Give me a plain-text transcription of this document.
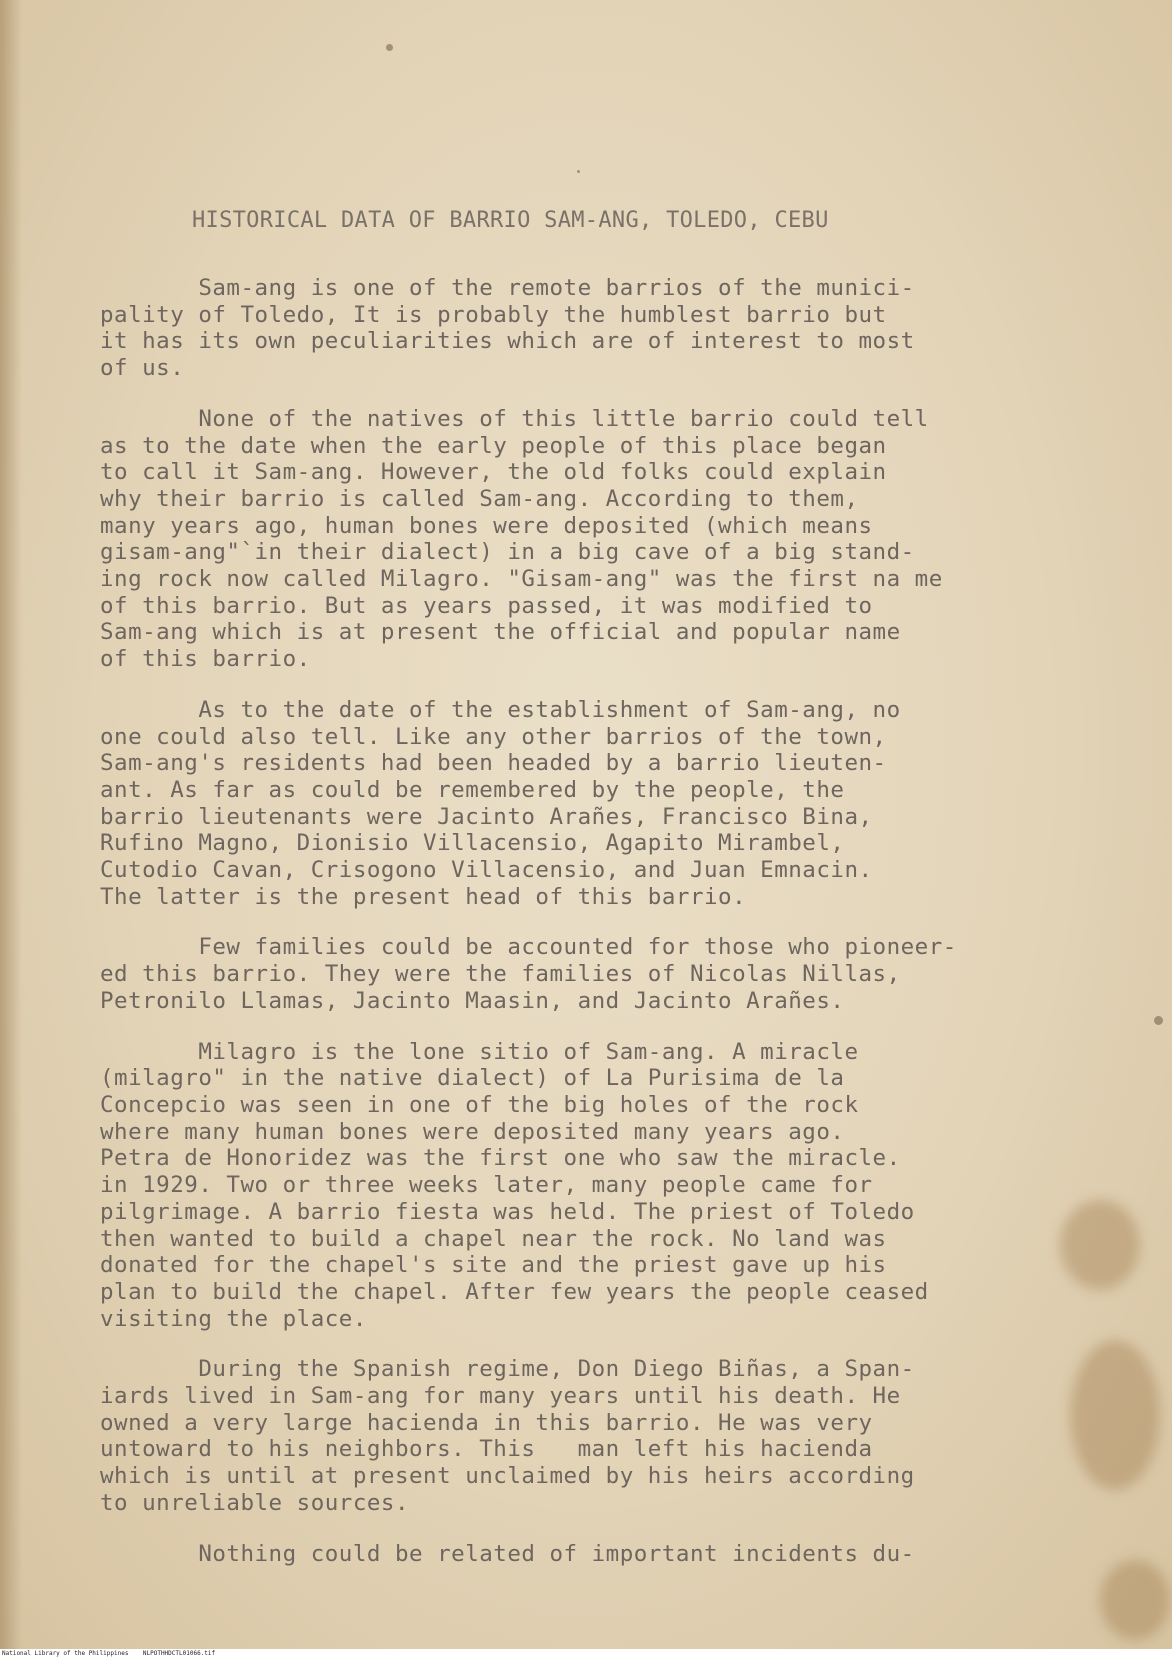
HISTORICAL DATA OF BARRIO SAM-ANG, TOLEDO, CEBU
Sam-ang is one of the remote barrios of the munici-
pality of Toledo, It is probably the humblest barrio but
it has its own peculiarities which are of interest to most
of us.
None of the natives of this little barrio could tell
as to the date when the early people of this place began
to call it Sam-ang. However, the old folks could explain
why their barrio is called Sam-ang. According to them,
many years ago, human bones were deposited (which means
gisam-ang"`in their dialect) in a big cave of a big stand-
ing rock now called Milagro. "Gisam-ang" was the first na me
of this barrio. But as years passed, it was modified to
Sam-ang which is at present the official and popular name
of this barrio.
As to the date of the establishment of Sam-ang, no
one could also tell. Like any other barrios of the town,
Sam-ang's residents had been headed by a barrio lieuten-
ant. As far as could be remembered by the people, the
barrio lieutenants were Jacinto Arañes, Francisco Bina,
Rufino Magno, Dionisio Villacensio, Agapito Mirambel,
Cutodio Cavan, Crisogono Villacensio, and Juan Emnacin.
The latter is the present head of this barrio.
Few families could be accounted for those who pioneer-
ed this barrio. They were the families of Nicolas Nillas,
Petronilo Llamas, Jacinto Maasin, and Jacinto Arañes.
Milagro is the lone sitio of Sam-ang. A miracle
(milagro" in the native dialect) of La Purisima de la
Concepcio was seen in one of the big holes of the rock
where many human bones were deposited many years ago.
Petra de Honoridez was the first one who saw the miracle.
in 1929. Two or three weeks later, many people came for
pilgrimage. A barrio fiesta was held. The priest of Toledo
then wanted to build a chapel near the rock. No land was
donated for the chapel's site and the priest gave up his
plan to build the chapel. After few years the people ceased
visiting the place.
During the Spanish regime, Don Diego Biñas, a Span-
iards lived in Sam-ang for many years until his death. He
owned a very large hacienda in this barrio. He was very
untoward to his neighbors. This   man left his hacienda
which is until at present unclaimed by his heirs according
to unreliable sources.
Nothing could be related of important incidents du-
National Library of the Philippines    NLPOTHHDCTL01066.tif
